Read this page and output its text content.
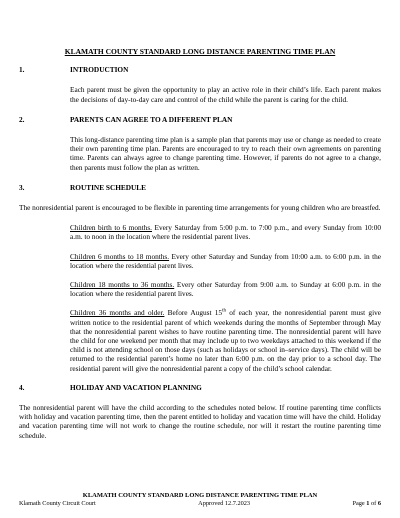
KLAMATH COUNTY STANDARD LONG DISTANCE PARENTING TIME PLAN
1.	INTRODUCTION
Each parent must be given the opportunity to play an active role in their child’s life. Each parent makes the decisions of day-to-day care and control of the child while the parent is caring for the child.
2.	PARENTS CAN AGREE TO A DIFFERENT PLAN
This long-distance parenting time plan is a sample plan that parents may use or change as needed to create their own parenting time plan. Parents are encouraged to try to reach their own agreements on parenting time. Parents can always agree to change parenting time. However, if parents do not agree to a change, then parents must follow the plan as written.
3.	ROUTINE SCHEDULE
The nonresidential parent is encouraged to be flexible in parenting time arrangements for young children who are breastfed.
Children birth to 6 months. Every Saturday from 5:00 p.m. to 7:00 p.m., and every Sunday from 10:00 a.m. to noon in the location where the residential parent lives.
Children 6 months to 18 months. Every other Saturday and Sunday from 10:00 a.m. to 6:00 p.m. in the location where the residential parent lives.
Children 18 months to 36 months. Every other Saturday from 9:00 a.m. to Sunday at 6:00 p.m. in the location where the residential parent lives.
Children 36 months and older. Before August 15th of each year, the nonresidential parent must give written notice to the residential parent of which weekends during the months of September through May that the nonresidential parent wishes to have routine parenting time. The nonresidential parent will have the child for one weekend per month that may include up to two weekdays attached to this weekend if the child is not attending school on those days (such as holidays or school in–service days). The child will be returned to the residential parent’s home no later than 6:00 p.m. on the day prior to a school day. The residential parent will give the nonresidential parent a copy of the child’s school calendar.
4.	HOLIDAY AND VACATION PLANNING
The nonresidential parent will have the child according to the schedules noted below. If routine parenting time conflicts with holiday and vacation parenting time, then the parent entitled to holiday and vacation time will have the child. Holiday and vacation parenting time will not work to change the routine schedule, nor will it restart the routine parenting time schedule.
KLAMATH COUNTY STANDARD LONG DISTANCE PARENTING TIME PLAN
Klamath County Circuit Court	Approved 12.7.2023	Page 1 of 6
